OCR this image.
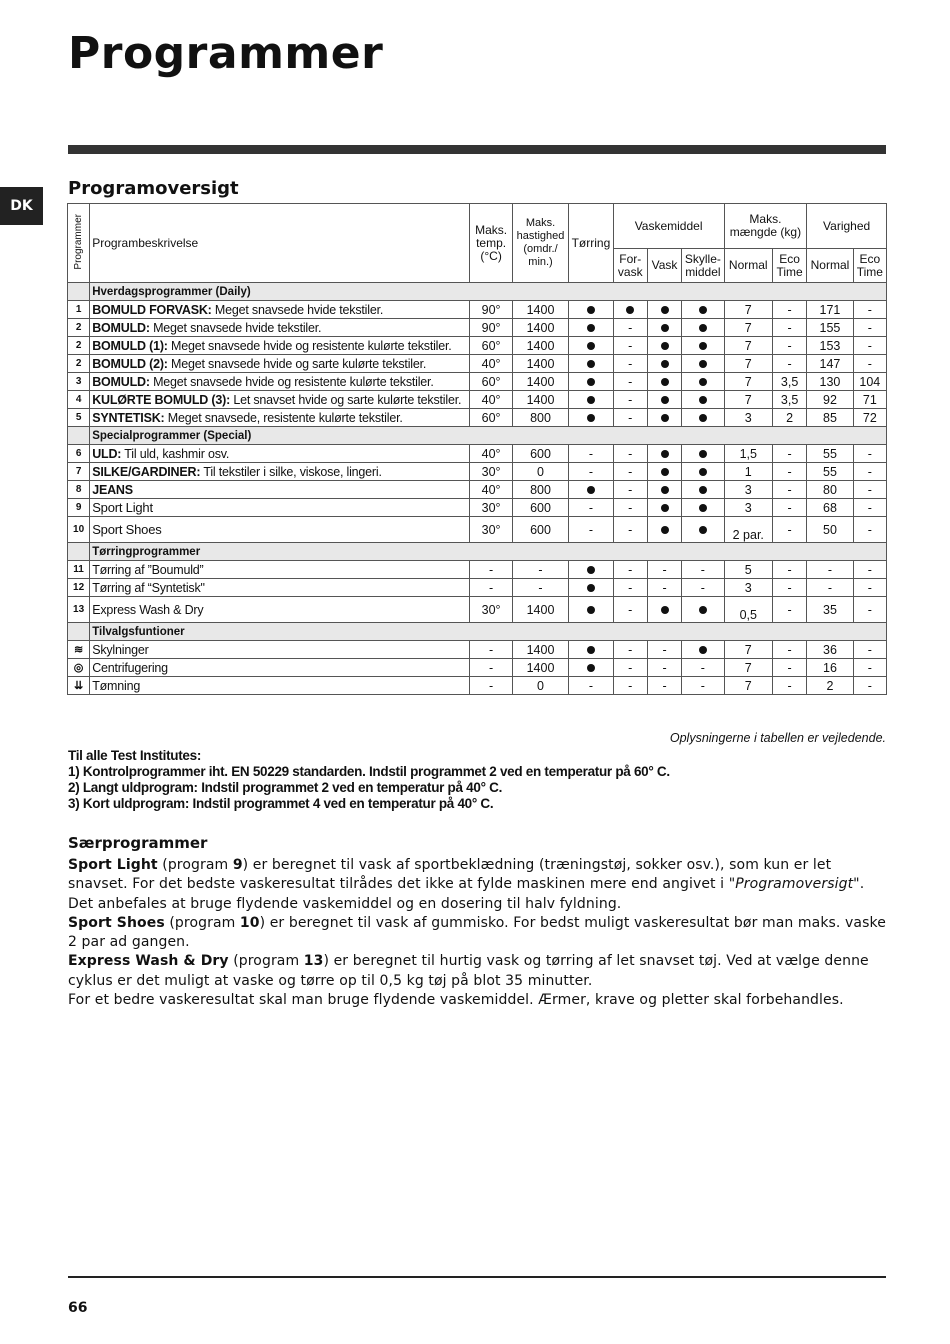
Programmer
DK
Programoversigt
Programmer	Programbeskrivelse	Maks. temp. (°C)	Maks. hastighed (omdr./ min.)	Tørring	Vaskemiddel			Maks. mængde (kg)		Varighed	
					For- vask	Vask	Skylle- middel	Normal	Eco Time	Normal	Eco Time
	Hverdagsprogrammer (Daily)										
1	BOMULD FORVASK: Meget snavsede hvide tekstiler.	90°	1400					7	-	171	-
2	BOMULD: Meget snavsede hvide tekstiler.	90°	1400		-			7	-	155	-
2	BOMULD (1): Meget snavsede hvide og resistente kulørte tekstiler.	60°	1400		-			7	-	153	-
2	BOMULD (2): Meget snavsede hvide og sarte kulørte tekstiler.	40°	1400		-			7	-	147	-
3	BOMULD: Meget snavsede hvide og resistente kulørte tekstiler.	60°	1400		-			7	3,5	130	104
4	KULØRTE BOMULD (3): Let snavset hvide og sarte kulørte tekstiler.	40°	1400		-			7	3,5	92	71
5	SYNTETISK: Meget snavsede, resistente kulørte tekstiler.	60°	800		-			3	2	85	72
	Specialprogrammer (Special)										
6	ULD: Til uld, kashmir osv.	40°	600	-	-			1,5	-	55	-
7	SILKE/GARDINER: Til tekstiler i silke, viskose, lingeri.	30°	0	-	-			1	-	55	-
8	JEANS	40°	800		-			3	-	80	-
9	Sport Light	30°	600	-	-			3	-	68	-
10	Sport Shoes	30°	600	-	-			2 par.	-	50	-
	Tørringprogrammer										
11	Tørring af ”Boumuld”	-	-		-	-	-	5	-	-	-
12	Tørring af “Syntetisk"	-	-		-	-	-	3	-	-	-
13	Express Wash & Dry	30°	1400		-			0,5	-	35	-
	Tilvalgsfuntioner										
≋	Skylninger	-	1400		-	-		7	-	36	-
◎	Centrifugering	-	1400		-	-	-	7	-	16	-
⇊	Tømning	-	0	-	-	-	-	7	-	2	-
Oplysningerne i tabellen er vejledende.
Til alle Test Institutes:
1) Kontrolprogrammer iht. EN 50229 standarden. Indstil programmet 2 ved en temperatur på 60° C.
2) Langt uldprogram: Indstil programmet 2 ved en temperatur på 40° C.
3) Kort uldprogram: Indstil programmet 4 ved en temperatur på 40° C.
Særprogrammer

Sport Light (program 9) er beregnet til vask af sportbeklædning (træningstøj, sokker osv.), som kun er let snavset. For det bedste vaskeresultat tilrådes det ikke at fylde maskinen mere end angivet i "Programoversigt". Det anbefales at bruge flydende vaskemiddel og en dosering til halv fyldning.

Sport Shoes (program 10) er beregnet til vask af gummisko. For bedst muligt vaskeresultat bør man maks. vaske 2 par ad gangen.

Express Wash & Dry (program 13) er beregnet til hurtig vask og tørring af let snavset tøj. Ved at vælge denne cyklus er det muligt at vaske og tørre op til 0,5 kg tøj på blot 35 minutter.

For et bedre vaskeresultat skal man bruge flydende vaskemiddel. Ærmer, krave og pletter skal forbehandles.

66
